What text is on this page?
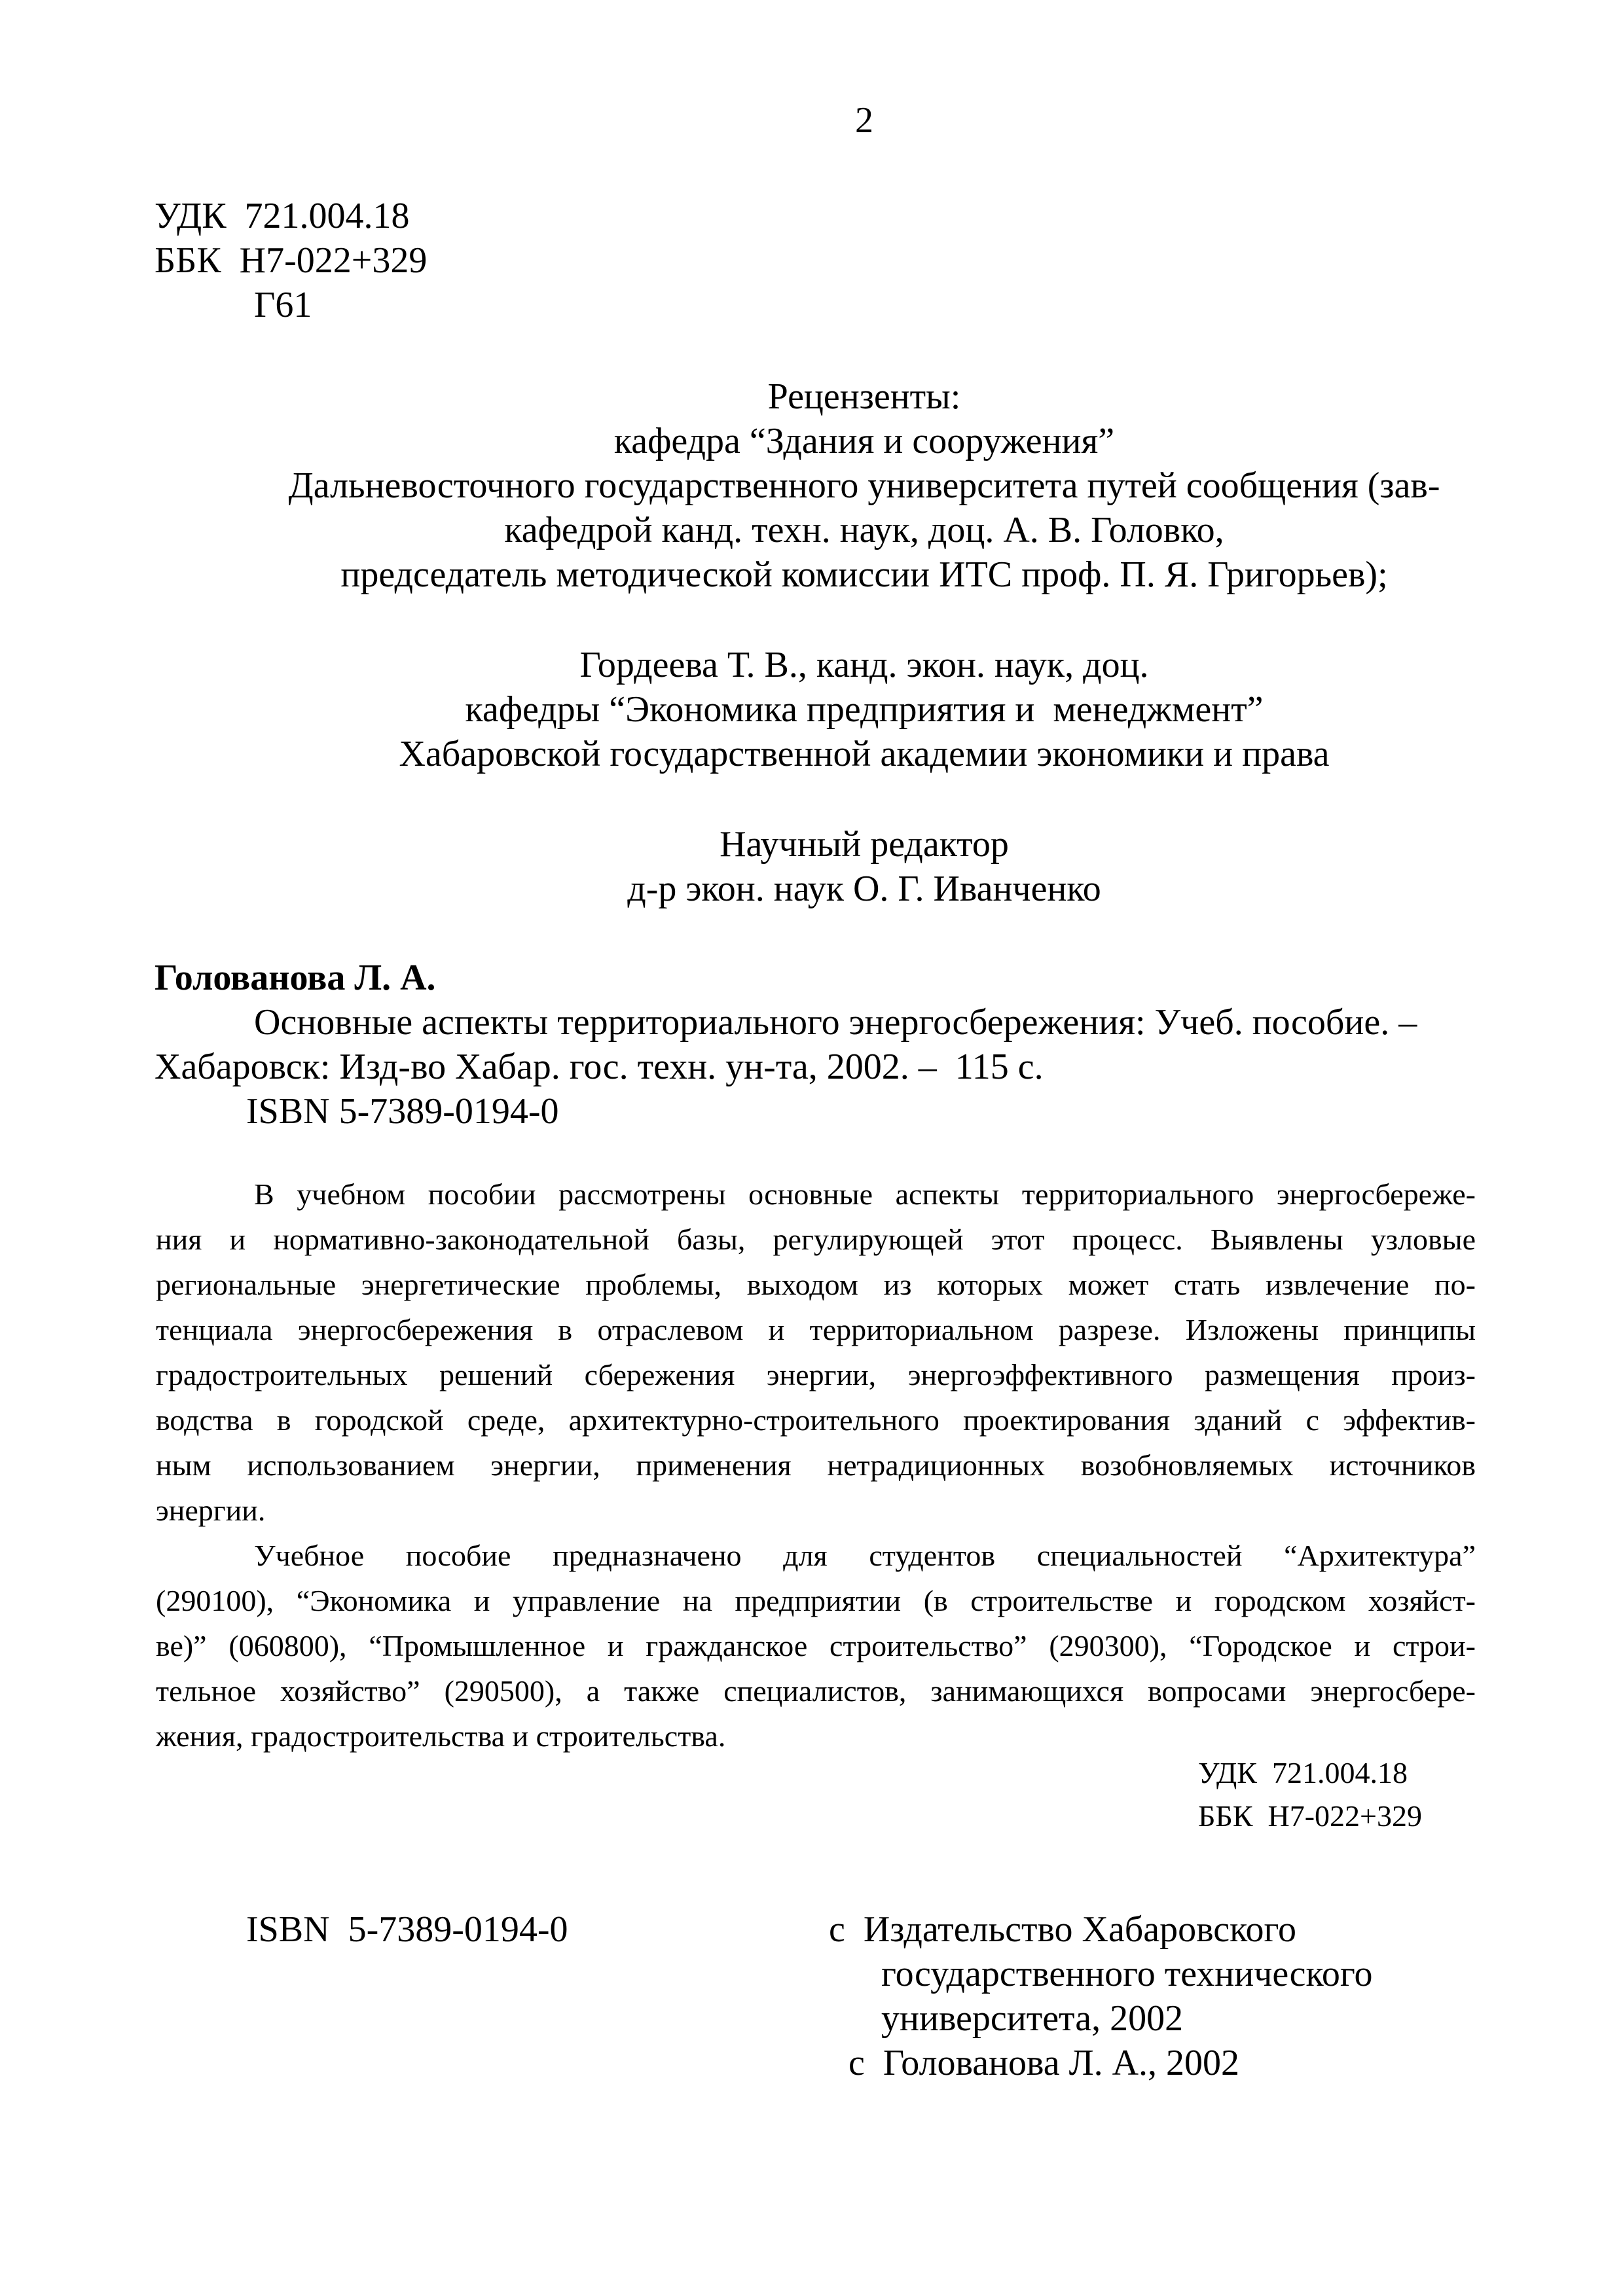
2
УДК  721.004.18
ББК  Н7-022+329
Г61
Рецензенты:
кафедра “Здания и сооружения”
Дальневосточного государственного университета путей сообщения (зав-
кафедрой канд. техн. наук, доц. А. В. Головко,
председатель методической комиссии ИТС проф. П. Я. Григорьев);
Гордеева Т. В., канд. экон. наук, доц.
кафедры “Экономика предприятия и  менеджмент”
Хабаровской государственной академии экономики и права
Научный редактор
д-р экон. наук О. Г. Иванченко
Голованова Л. А.
Основные аспекты территориального энергосбережения: Учеб. пособие. –
Хабаровск: Изд-во Хабар. гос. техн. ун-та, 2002. –  115 с.
ISBN 5-7389-0194-0
В учебном пособии рассмотрены основные аспекты территориального энергосбереже-
ния и нормативно-законодательной базы, регулирующей этот процесс. Выявлены узловые
региональные энергетические проблемы, выходом из которых может стать извлечение по-
тенциала энергосбережения в отраслевом и территориальном разрезе. Изложены принципы
градостроительных решений сбережения энергии, энергоэффективного размещения произ-
водства в городской среде, архитектурно-строительного проектирования зданий с эффектив-
ным использованием энергии, применения нетрадиционных возобновляемых источников
энергии.
Учебное пособие предназначено для студентов специальностей “Архитектура”
(290100), “Экономика и управление на предприятии (в строительстве и городском хозяйст-
ве)” (060800), “Промышленное и гражданское строительство” (290300), “Городское и строи-
тельное хозяйство” (290500), а также специалистов, занимающихся вопросами энергосбере-
жения, градостроительства и строительства.
УДК  721.004.18
ББК  Н7-022+329
ISBN  5-7389-0194-0	с  Издательство Хабаровского
государственного технического
университета, 2002
с  Голованова Л. А., 2002
